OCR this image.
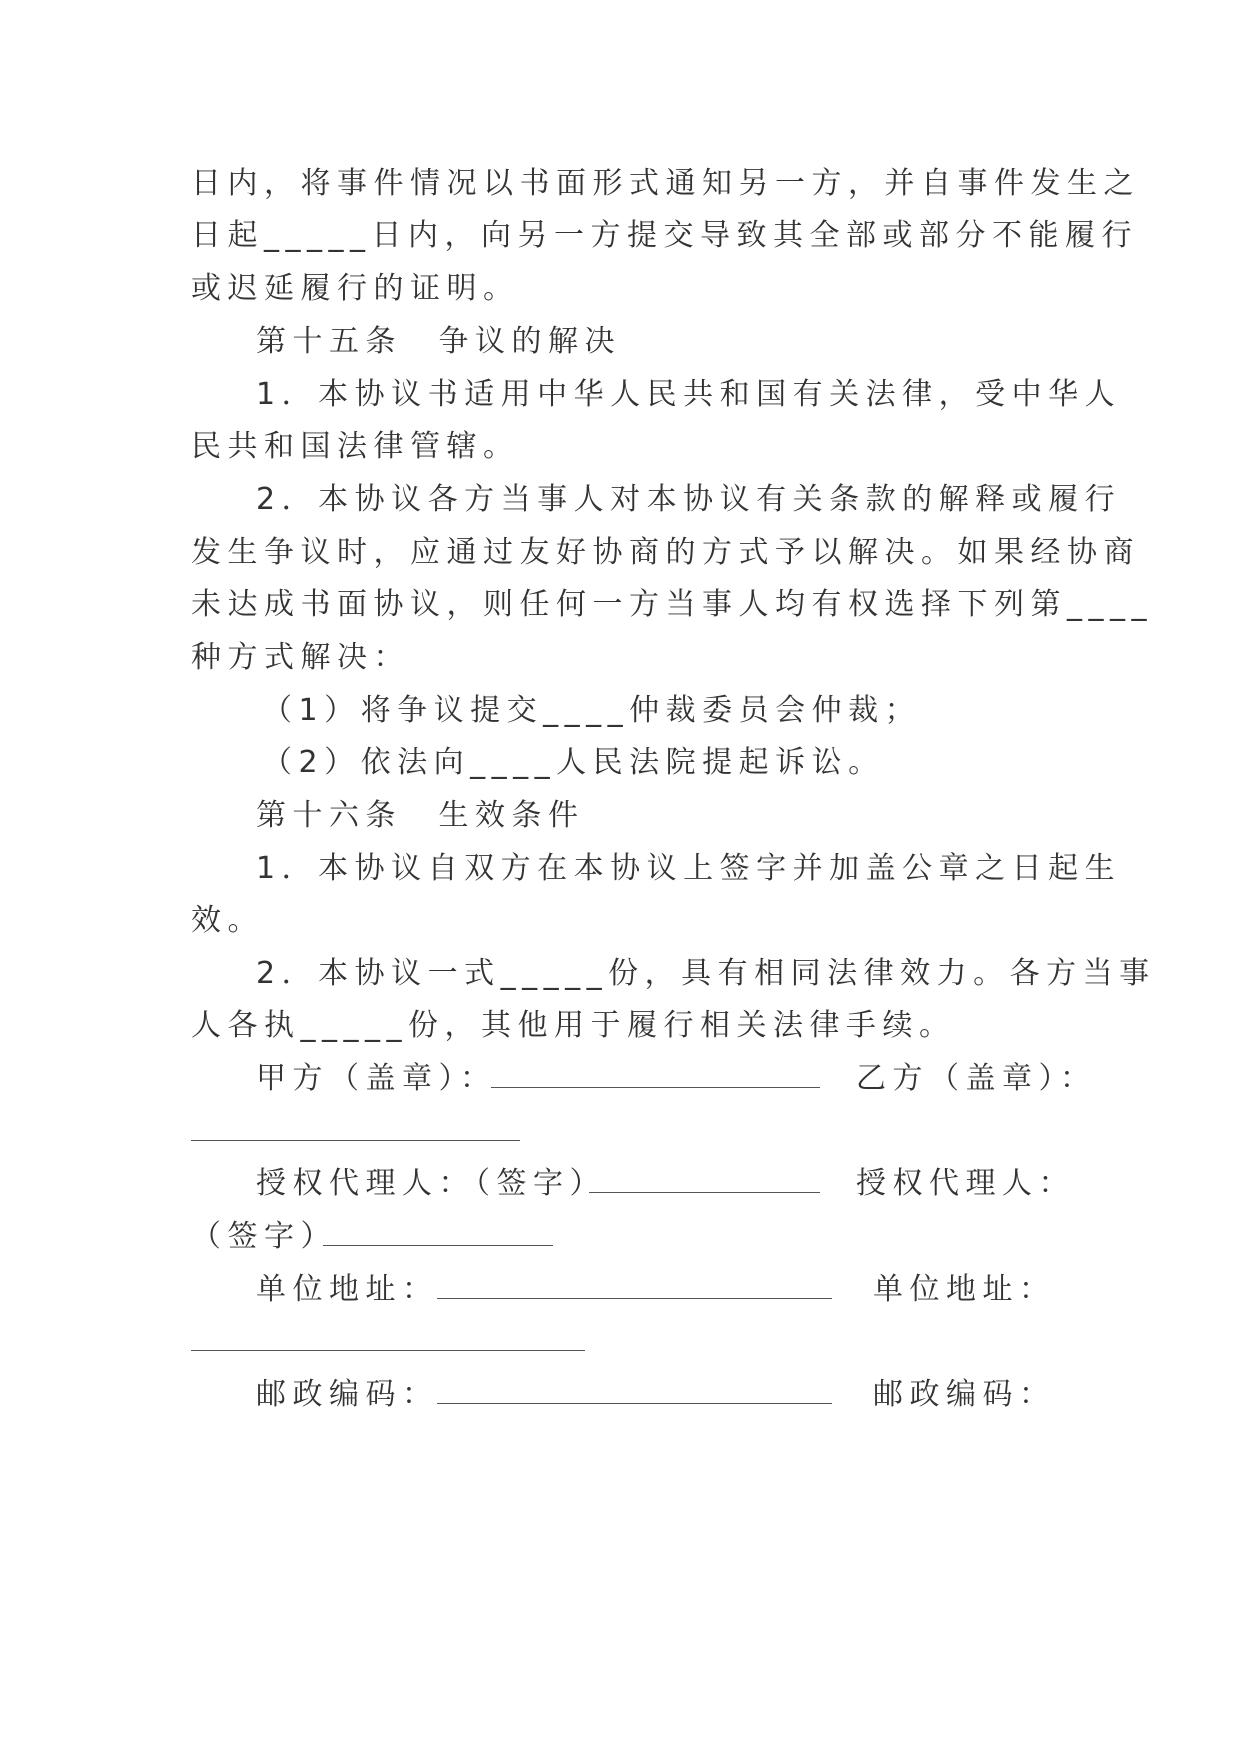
日内，将事件情况以书面形式通知另一方，并自事件发生之
日起_____日内，向另一方提交导致其全部或部分不能履行
或迟延履行的证明。
第十五条　争议的解决
1．本协议书适用中华人民共和国有关法律，受中华人
民共和国法律管辖。
2．本协议各方当事人对本协议有关条款的解释或履行
发生争议时，应通过友好协商的方式予以解决。如果经协商
未达成书面协议，则任何一方当事人均有权选择下列第____
种方式解决：
（1）将争议提交____仲裁委员会仲裁；
（2）依法向____人民法院提起诉讼。
第十六条　生效条件
1．本协议自双方在本协议上签字并加盖公章之日起生
效。
2．本协议一式_____份，具有相同法律效力。各方当事
人各执_____份，其他用于履行相关法律手续。
甲方（盖章）：	乙方（盖章）：
授权代理人：（签字）	授权代理人：
（签字）
单位地址：	单位地址：
邮政编码：	邮政编码：
